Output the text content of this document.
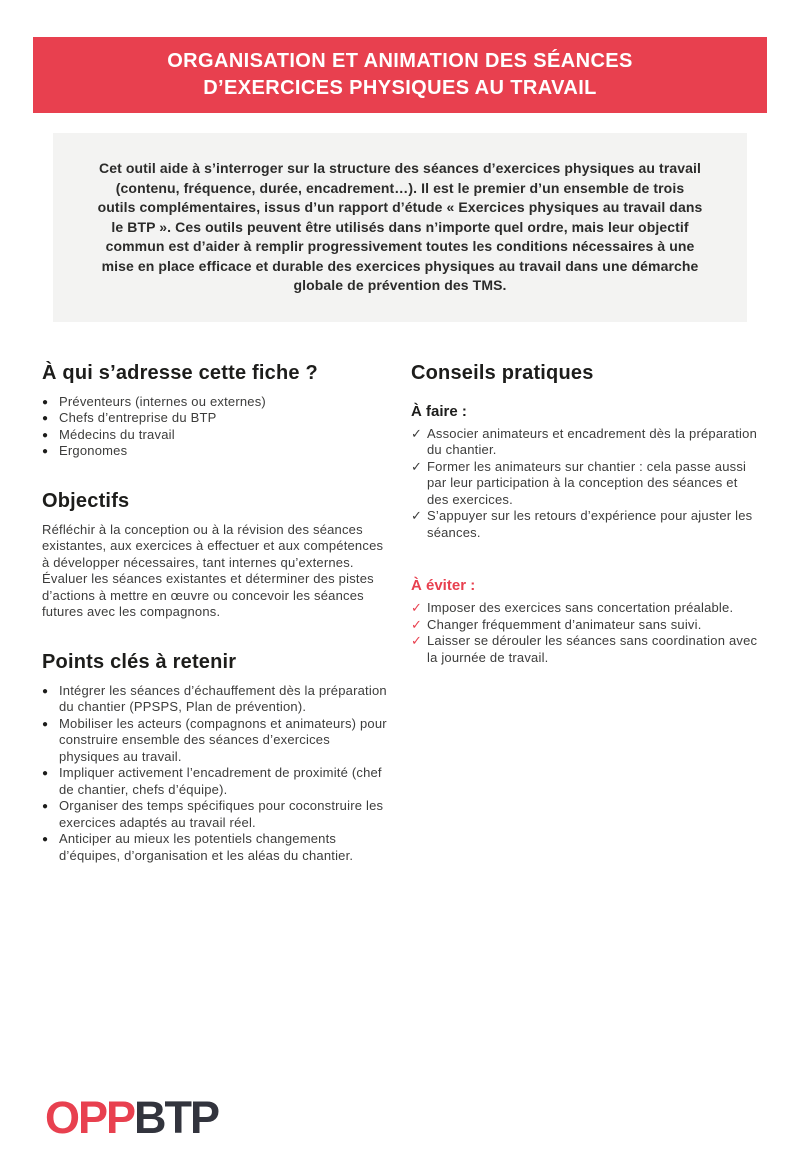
ORGANISATION ET ANIMATION DES SÉANCES
D’EXERCICES PHYSIQUES AU TRAVAIL

Cet outil aide à s’interroger sur la structure des séances d’exercices physiques au travail (contenu, fréquence, durée, encadrement…). Il est le premier d’un ensemble de trois outils complémentaires, issus d’un rapport d’étude « Exercices physiques au travail dans le BTP ». Ces outils peuvent être utilisés dans n’importe quel ordre, mais leur objectif commun est d’aider à remplir progressivement toutes les conditions nécessaires à une mise en place efficace et durable des exercices physiques au travail dans une démarche globale de prévention des TMS.

À qui s’adresse cette fiche ?
● Préventeurs (internes ou externes)
● Chefs d’entreprise du BTP
● Médecins du travail
● Ergonomes
Objectifs

Réfléchir à la conception ou à la révision des séances existantes, aux exercices à effectuer et aux compétences à développer nécessaires, tant internes qu’externes.

Évaluer les séances existantes et déterminer des pistes d’actions à mettre en œuvre ou concevoir les séances futures avec les compagnons.

Points clés à retenir
● Intégrer les séances d’échauffement dès la préparation du chantier (PPSPS, Plan de prévention).
● Mobiliser les acteurs (compagnons et animateurs) pour construire ensemble des séances d’exercices physiques au travail.
● Impliquer activement l’encadrement de proximité (chef de chantier, chefs d’équipe).
● Organiser des temps spécifiques pour coconstruire les exercices adaptés au travail réel.
● Anticiper au mieux les potentiels changements d’équipes, d’organisation et les aléas du chantier.
Conseils pratiques
À faire :
✓ Associer animateurs et encadrement dès la préparation du chantier.
✓ Former les animateurs sur chantier : cela passe aussi par leur participation à la conception des séances et des exercices.
✓ S’appuyer sur les retours d’expérience pour ajuster les séances.
À éviter :
✓ Imposer des exercices sans concertation préalable.
✓ Changer fréquemment d’animateur sans suivi.
✓ Laisser se dérouler les séances sans coordination avec la journée de travail.
OPPBTP
